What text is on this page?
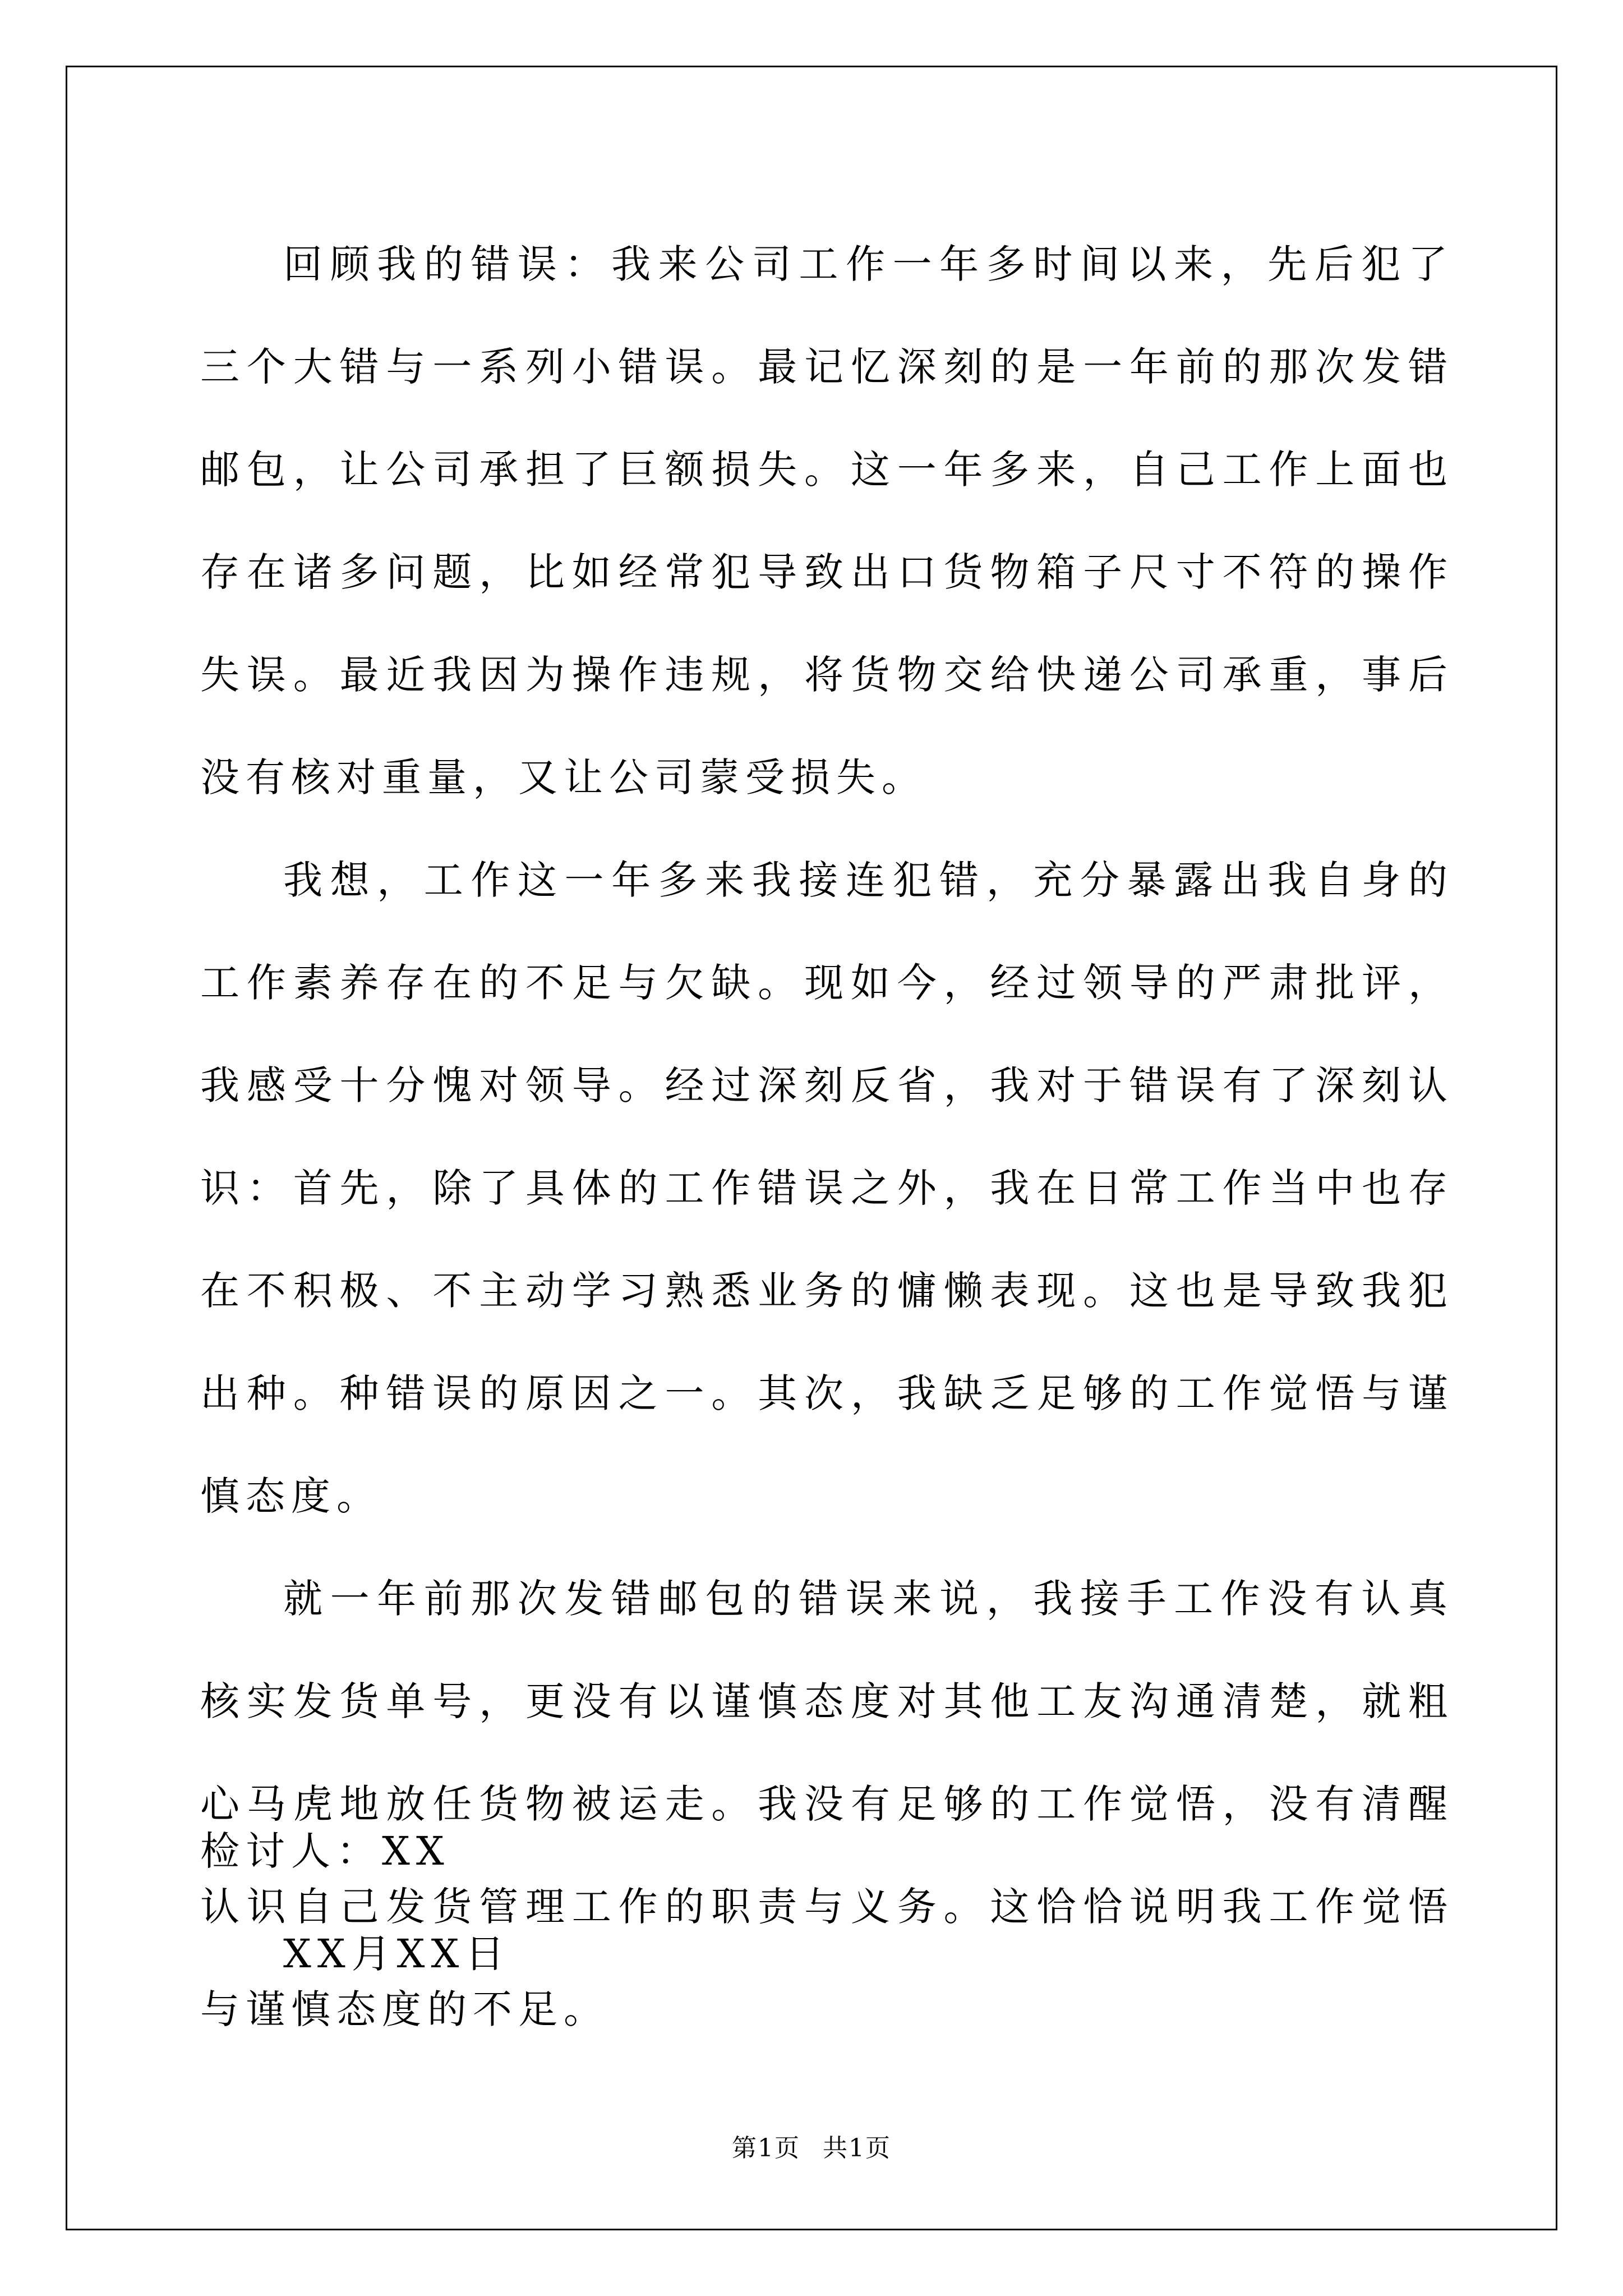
回顾我的错误：我来公司工作一年多时间以来，先后犯了三个大错与一系列小错误。最记忆深刻的是一年前的那次发错邮包，让公司承担了巨额损失。这一年多来，自己工作上面也存在诸多问题，比如经常犯导致出口货物箱子尺寸不符的操作失误。最近我因为操作违规，将货物交给快递公司承重，事后没有核对重量，又让公司蒙受损失。

我想，工作这一年多来我接连犯错，充分暴露出我自身的工作素养存在的不足与欠缺。现如今，经过领导的严肃批评，我感受十分愧对领导。经过深刻反省，我对于错误有了深刻认识：首先，除了具体的工作错误之外，我在日常工作当中也存在不积极、不主动学习熟悉业务的慵懒表现。这也是导致我犯出种。种错误的原因之一。其次，我缺乏足够的工作觉悟与谨慎态度。

就一年前那次发错邮包的错误来说，我接手工作没有认真核实发货单号，更没有以谨慎态度对其他工友沟通清楚，就粗心马虎地放任货物被运走。我没有足够的工作觉悟，没有清醒认识自己发货管理工作的职责与义务。这恰恰说明我工作觉悟与谨慎态度的不足。

检讨人：XX

XX月XX日

第1页 共1页
